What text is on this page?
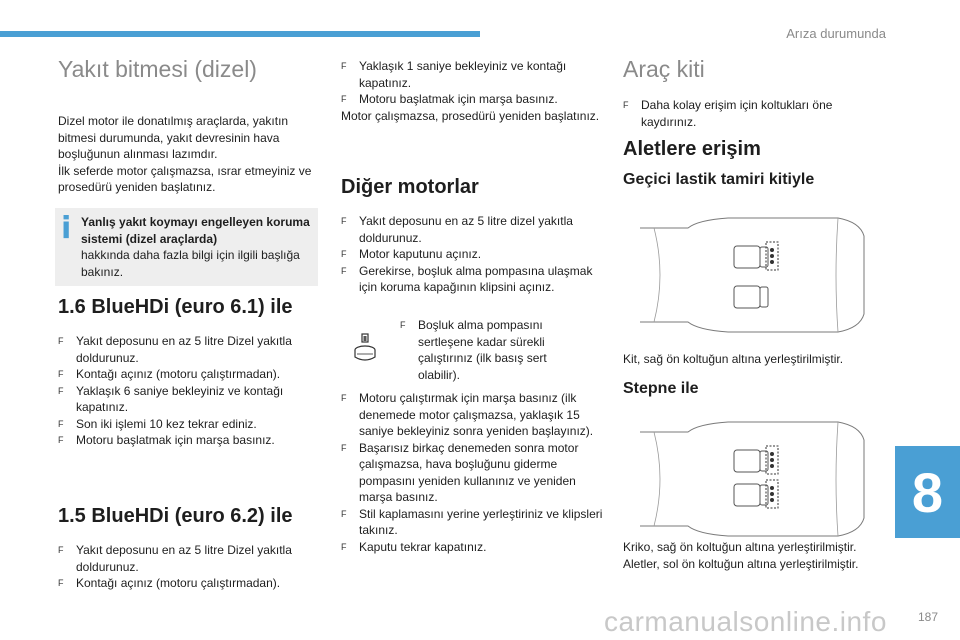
Arıza durumunda
8
187
carmanualsonline.info
Yakıt bitmesi (dizel)

Dizel motor ile donatılmış araçlarda, yakıtın bitmesi durumunda, yakıt devresinin hava boşluğunun alınması lazımdır.

İlk seferde motor çalışmazsa, ısrar etmeyiniz ve prosedürü yeniden başlatınız.

i Yanlış yakıt koymayı engelleyen koruma sistemi (dizel araçlarda)
hakkında daha fazla bilgi için ilgili başlığa bakınız.
1.6 BlueHDi (euro 6.1) ile
F	Yakıt deposunu en az 5 litre Dizel yakıtla doldurunuz.
F	Kontağı açınız (motoru çalıştırmadan).
F	Yaklaşık 6 saniye bekleyiniz ve kontağı kapatınız.
F	Son iki işlemi 10 kez tekrar ediniz.
F	Motoru başlatmak için marşa basınız.
1.5 BlueHDi (euro 6.2) ile
F	Yakıt deposunu en az 5 litre Dizel yakıtla doldurunuz.
F	Kontağı açınız (motoru çalıştırmadan).
F	Yaklaşık 1 saniye bekleyiniz ve kontağı kapatınız.
F	Motoru başlatmak için marşa basınız.

Motor çalışmazsa, prosedürü yeniden başlatınız.

Diğer motorlar
F	Yakıt deposunu en az 5 litre dizel yakıtla doldurunuz.
F	Motor kaputunu açınız.
F	Gerekirse, boşluk alma pompasına ulaşmak için koruma kapağının klipsini açınız.
F	Boşluk alma pompasını sertleşene kadar sürekli çalıştırınız (ilk basış sert olabilir).
F	Motoru çalıştırmak için marşa basınız (ilk denemede motor çalışmazsa, yaklaşık 15 saniye bekleyiniz sonra yeniden başlayınız).
F	Başarısız birkaç denemeden sonra motor çalışmazsa, hava boşluğunu giderme pompasını yeniden kullanınız ve yeniden marşa basınız.
F	Stil kaplamasını yerine yerleştiriniz ve klipsleri takınız.
F	Kaputu tekrar kapatınız.
Araç kiti
F	Daha kolay erişim için koltukları öne kaydırınız.
Aletlere erişim
Geçici lastik tamiri kitiyle

Kit, sağ ön koltuğun altına yerleştirilmiştir.

Stepne ile

Kriko, sağ ön koltuğun altına yerleştirilmiştir.

Aletler, sol ön koltuğun altına yerleştirilmiştir.
